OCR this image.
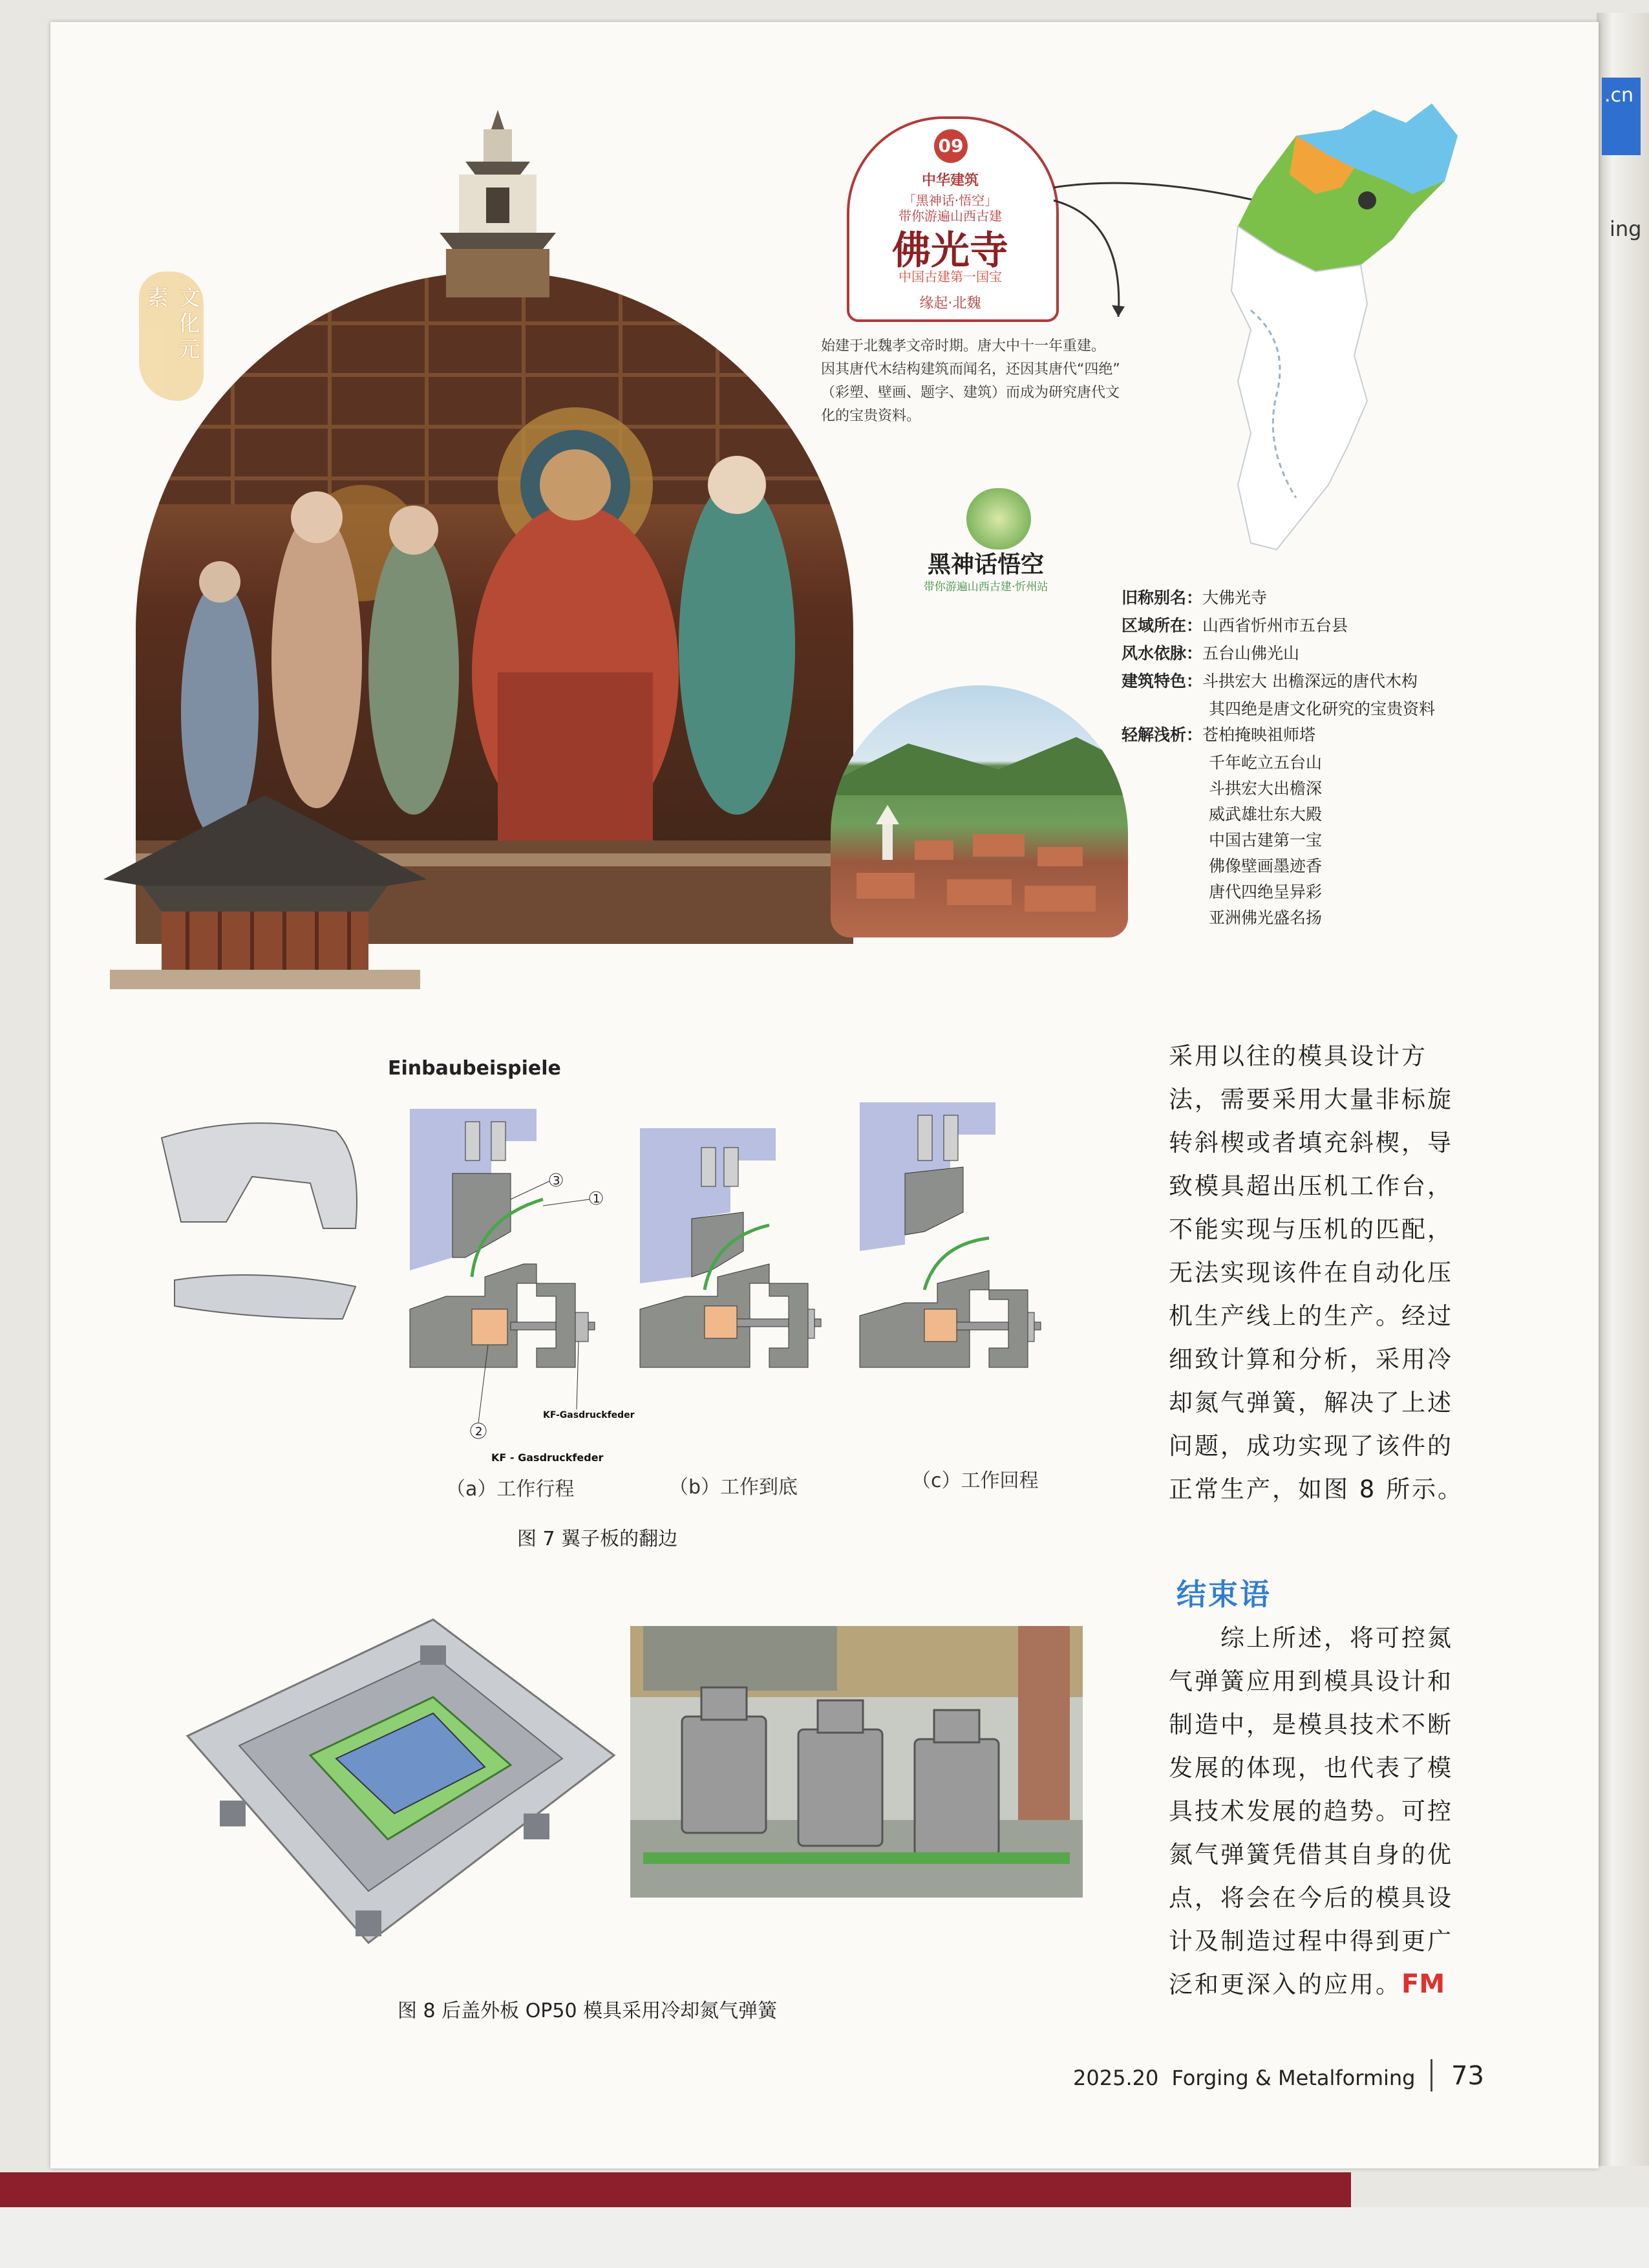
.cn
ing
文化元素
09
中华建筑
「黑神话·悟空」
带你游遍山西古建
佛光寺
中国古建第一国宝
缘起·北魏
始建于北魏孝文帝时期。唐大中十一年重建。
因其唐代木结构建筑而闻名，还因其唐代“四绝”
（彩塑、壁画、题字、建筑）而成为研究唐代文
化的宝贵资料。
黑神话悟空
带你游遍山西古建·忻州站
旧称别名：大佛光寺
区域所在：山西省忻州市五台县
风水依脉：五台山佛光山
建筑特色：斗拱宏大 出檐深远的唐代木构
其四绝是唐文化研究的宝贵资料
轻解浅析：苍柏掩映祖师塔
千年屹立五台山
斗拱宏大出檐深
威武雄壮东大殿
中国古建第一宝
佛像壁画墨迹香
唐代四绝呈异彩
亚洲佛光盛名扬
Einbaubeispiele
3
1
2
KF-Gasdruckfeder
KF - Gasdruckfeder
（a）工作行程	（b）工作到底	（c）工作回程
图 7 翼子板的翻边
采用以往的模具设计方
法，需要采用大量非标旋
转斜楔或者填充斜楔，导
致模具超出压机工作台，
不能实现与压机的匹配，
无法实现该件在自动化压
机生产线上的生产。经过
细致计算和分析，采用冷
却氮气弹簧，解决了上述
问题，成功实现了该件的
正常生产，如图 8 所示。
结束语
综上所述，将可控氮
气弹簧应用到模具设计和
制造中，是模具技术不断
发展的体现，也代表了模
具技术发展的趋势。可控
氮气弹簧凭借其自身的优
点，将会在今后的模具设
计及制造过程中得到更广
泛和更深入的应用。FM
图 8 后盖外板 OP50 模具采用冷却氮气弹簧
2025.20 Forging & Metalforming 73
